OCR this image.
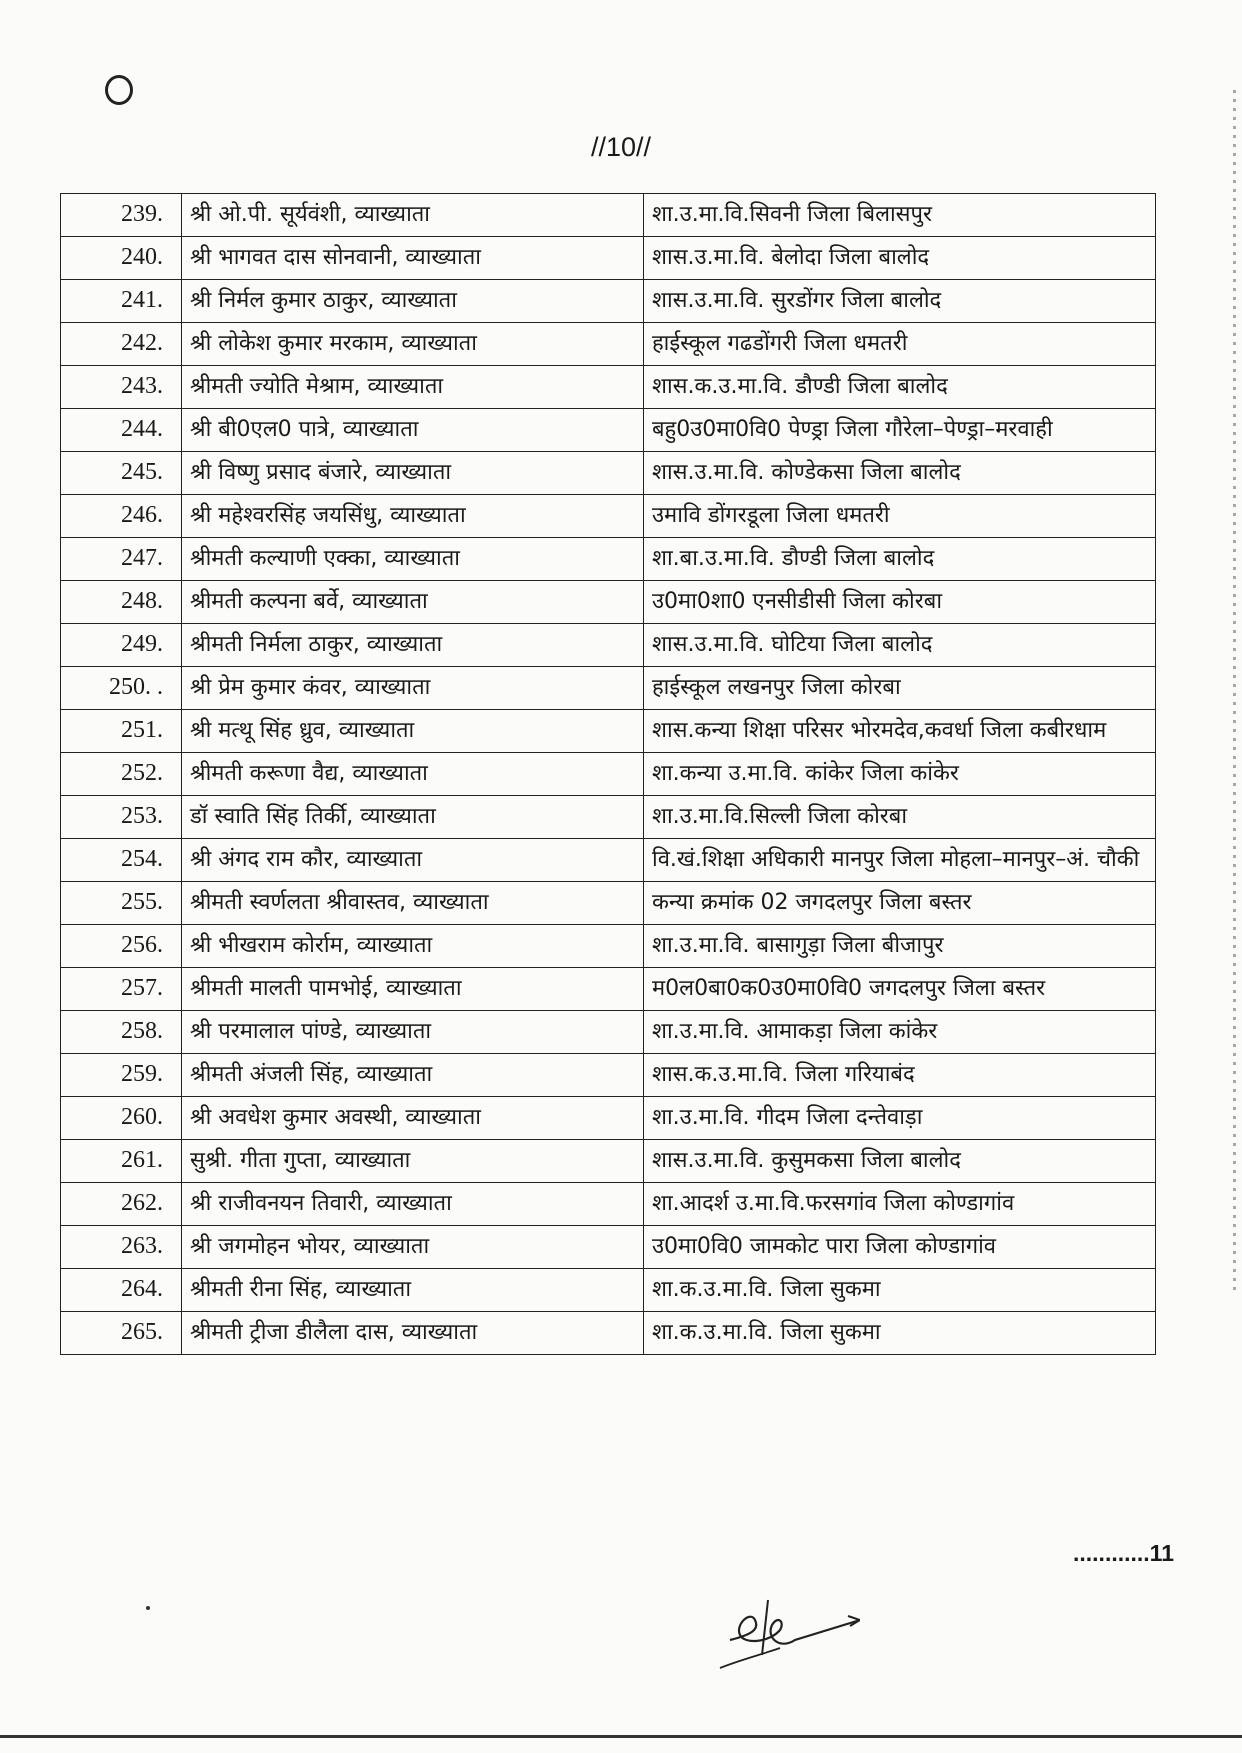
//10//
239.	श्री ओ.पी. सूर्यवंशी, व्याख्याता	शा.उ.मा.वि.सिवनी जिला बिलासपुर
240.	श्री भागवत दास सोनवानी, व्याख्याता	शास.उ.मा.वि. बेलोदा जिला बालोद
241.	श्री निर्मल कुमार ठाकुर, व्याख्याता	शास.उ.मा.वि. सुरडोंगर जिला बालोद
242.	श्री लोकेश कुमार मरकाम, व्याख्याता	हाईस्कूल गढडोंगरी जिला धमतरी
243.	श्रीमती ज्योति मेश्राम, व्याख्याता	शास.क.उ.मा.वि. डौण्डी जिला बालोद
244.	श्री बी0एल0 पात्रे, व्याख्याता	बहु0उ0मा0वि0 पेण्ड्रा जिला गौरेला–पेण्ड्रा–मरवाही
245.	श्री विष्णु प्रसाद बंजारे, व्याख्याता	शास.उ.मा.वि. कोण्डेकसा जिला बालोद
246.	श्री महेश्वरसिंह जयसिंधु, व्याख्याता	उमावि डोंगरडूला जिला धमतरी
247.	श्रीमती कल्याणी एक्का, व्याख्याता	शा.बा.उ.मा.वि. डौण्डी जिला बालोद
248.	श्रीमती कल्पना बर्वे, व्याख्याता	उ0मा0शा0 एनसीडीसी जिला कोरबा
249.	श्रीमती निर्मला ठाकुर, व्याख्याता	शास.उ.मा.वि. घोटिया जिला बालोद
250. .	श्री प्रेम कुमार कंवर, व्याख्याता	हाईस्कूल लखनपुर जिला कोरबा
251.	श्री मत्थू सिंह ध्रुव, व्याख्याता	शास.कन्या शिक्षा परिसर भोरमदेव,कवर्धा जिला कबीरधाम
252.	श्रीमती करूणा वैद्य, व्याख्याता	शा.कन्या उ.मा.वि. कांकेर जिला कांकेर
253.	डॉ स्वाति सिंह तिर्की, व्याख्याता	शा.उ.मा.वि.सिल्ली जिला कोरबा
254.	श्री अंगद राम कौर, व्याख्याता	वि.खं.शिक्षा अधिकारी मानपुर जिला मोहला–मानपुर–अं. चौकी
255.	श्रीमती स्वर्णलता श्रीवास्तव, व्याख्याता	कन्या क्रमांक 02 जगदलपुर जिला बस्तर
256.	श्री भीखराम कोर्राम, व्याख्याता	शा.उ.मा.वि. बासागुड़ा जिला बीजापुर
257.	श्रीमती मालती पामभोई, व्याख्याता	म0ल0बा0क0उ0मा0वि0 जगदलपुर जिला बस्तर
258.	श्री परमालाल पांण्डे, व्याख्याता	शा.उ.मा.वि. आमाकड़ा जिला कांकेर
259.	श्रीमती अंजली सिंह, व्याख्याता	शास.क.उ.मा.वि. जिला गरियाबंद
260.	श्री अवधेश कुमार अवस्थी, व्याख्याता	शा.उ.मा.वि. गीदम जिला दन्तेवाड़ा
261.	सुश्री. गीता गुप्ता, व्याख्याता	शास.उ.मा.वि. कुसुमकसा जिला बालोद
262.	श्री राजीवनयन तिवारी, व्याख्याता	शा.आदर्श उ.मा.वि.फरसगांव जिला कोण्डागांव
263.	श्री जगमोहन भोयर, व्याख्याता	उ0मा0वि0 जामकोट पारा जिला कोण्डागांव
264.	श्रीमती रीना सिंह, व्याख्याता	शा.क.उ.मा.वि. जिला सुकमा
265.	श्रीमती ट्रीजा डीलैला दास, व्याख्याता	शा.क.उ.मा.वि. जिला सुकमा
............11
